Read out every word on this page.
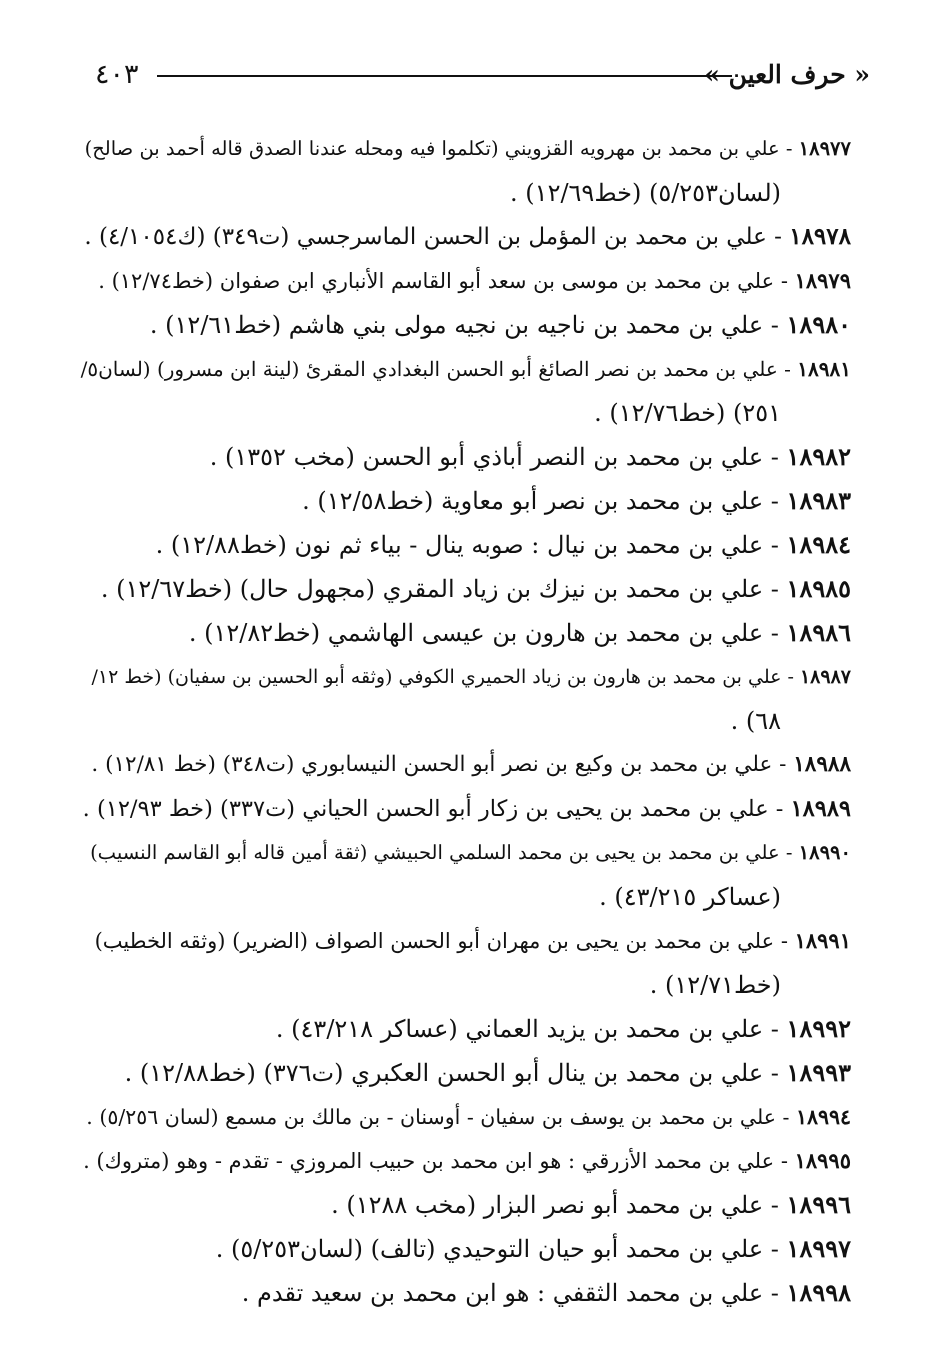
٤٠٣	« حرف العين »
١٨٩٧٧ - علي بن محمد بن مهرويه القزويني (تكلموا فيه ومحله عندنا الصدق قاله أحمد بن صالح)
(لسان٥/٢٥٣) (خط١٢/٦٩) .
١٨٩٧٨ - علي بن محمد بن المؤمل بن الحسن الماسرجسي (ت٣٤٩) (ك٤/١٠٥٤) .
١٨٩٧٩ - علي بن محمد بن موسى بن سعد أبو القاسم الأنباري ابن صفوان (خط١٢/٧٤) .
١٨٩٨٠ - علي بن محمد بن ناجيه بن نجيه مولى بني هاشم (خط١٢/٦١) .
١٨٩٨١ - علي بن محمد بن نصر الصائغ أبو الحسن البغدادي المقرئ (لينة ابن مسرور) (لسان٥/
٢٥١) (خط١٢/٧٦) .
١٨٩٨٢ - علي بن محمد بن النصر أباذي أبو الحسن (مخب ١٣٥٢) .
١٨٩٨٣ - علي بن محمد بن نصر أبو معاوية (خط١٢/٥٨) .
١٨٩٨٤ - علي بن محمد بن نيال : صوبه ينال - بياء ثم نون (خط١٢/٨٨) .
١٨٩٨٥ - علي بن محمد بن نيزك بن زياد المقري (مجهول حال) (خط١٢/٦٧) .
١٨٩٨٦ - علي بن محمد بن هارون بن عيسى الهاشمي (خط١٢/٨٢) .
١٨٩٨٧ - علي بن محمد بن هارون بن زياد الحميري الكوفي (وثقه أبو الحسين بن سفيان) (خط ١٢/
٦٨) .
١٨٩٨٨ - علي بن محمد بن وكيع بن نصر أبو الحسن النيسابوري (ت٣٤٨) (خط ١٢/٨١) .
١٨٩٨٩ - علي بن محمد بن يحيى بن زكار أبو الحسن الحياني (ت٣٣٧) (خط ١٢/٩٣) .
١٨٩٩٠ - علي بن محمد بن يحيى بن محمد السلمي الحبيشي (ثقة أمين قاله أبو القاسم النسيب)
(عساكر ٤٣/٢١٥) .
١٨٩٩١ - علي بن محمد بن يحيى بن مهران أبو الحسن الصواف (الضرير) (وثقه الخطيب)
(خط١٢/٧١) .
١٨٩٩٢ - علي بن محمد بن يزيد العماني (عساكر ٤٣/٢١٨) .
١٨٩٩٣ - علي بن محمد بن ينال أبو الحسن العكبري (ت٣٧٦) (خط١٢/٨٨) .
١٨٩٩٤ - علي بن محمد بن يوسف بن سفيان - أوسنان - بن مالك بن مسمع (لسان ٥/٢٥٦) .
١٨٩٩٥ - علي بن محمد الأزرقي : هو ابن محمد بن حبيب المروزي - تقدم - وهو (متروك) .
١٨٩٩٦ - علي بن محمد أبو نصر البزار (مخب ١٢٨٨) .
١٨٩٩٧ - علي بن محمد أبو حيان التوحيدي (تالف) (لسان٥/٢٥٣) .
١٨٩٩٨ - علي بن محمد الثقفي : هو ابن محمد بن سعيد تقدم .
